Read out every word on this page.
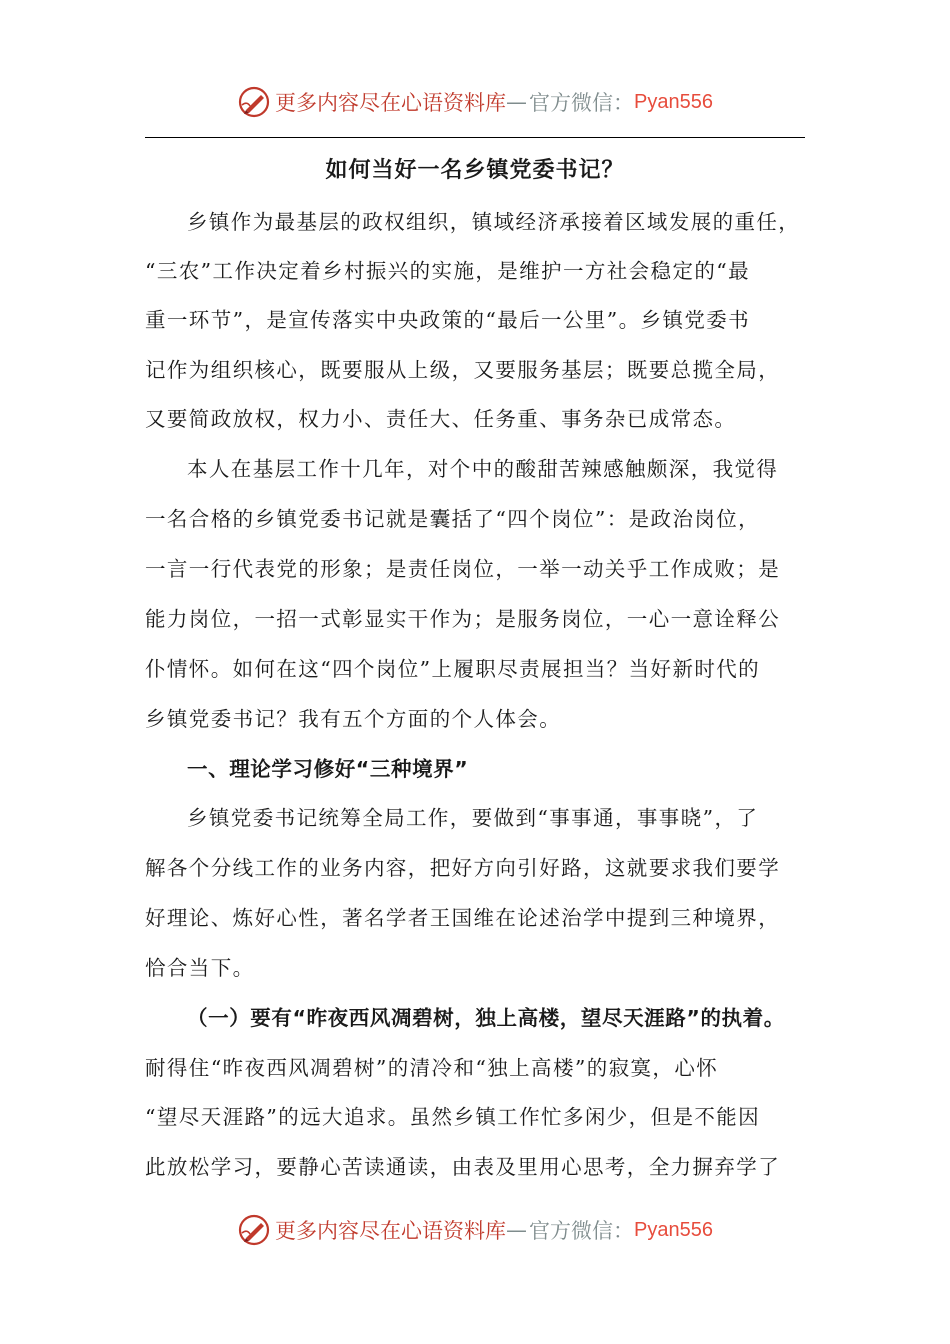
更多内容尽在心语资料库 — 官方微信： Pyan556
如何当好一名乡镇党委书记？
乡镇作为最基层的政权组织，镇域经济承接着区域发展的重任，
“三农”工作决定着乡村振兴的实施，是维护一方社会稳定的“最
重一环节”，是宣传落实中央政策的“最后一公里”。乡镇党委书
记作为组织核心，既要服从上级，又要服务基层；既要总揽全局，
又要简政放权，权力小、责任大、任务重、事务杂已成常态。
本人在基层工作十几年，对个中的酸甜苦辣感触颇深，我觉得
一名合格的乡镇党委书记就是囊括了“四个岗位”：是政治岗位，
一言一行代表党的形象；是责任岗位，一举一动关乎工作成败；是
能力岗位，一招一式彰显实干作为；是服务岗位，一心一意诠释公
仆情怀。如何在这“四个岗位”上履职尽责展担当？当好新时代的
乡镇党委书记？我有五个方面的个人体会。
一、理论学习修好“三种境界”
乡镇党委书记统筹全局工作，要做到“事事通，事事晓”，了
解各个分线工作的业务内容，把好方向引好路，这就要求我们要学
好理论、炼好心性，著名学者王国维在论述治学中提到三种境界，
恰合当下。
（一）要有“昨夜西风凋碧树，独上高楼，望尽天涯路”的执着。
耐得住“昨夜西风凋碧树”的清冷和“独上高楼”的寂寞，心怀
“望尽天涯路”的远大追求。虽然乡镇工作忙多闲少，但是不能因
此放松学习，要静心苦读通读，由表及里用心思考，全力摒弃学了
更多内容尽在心语资料库 — 官方微信： Pyan556
